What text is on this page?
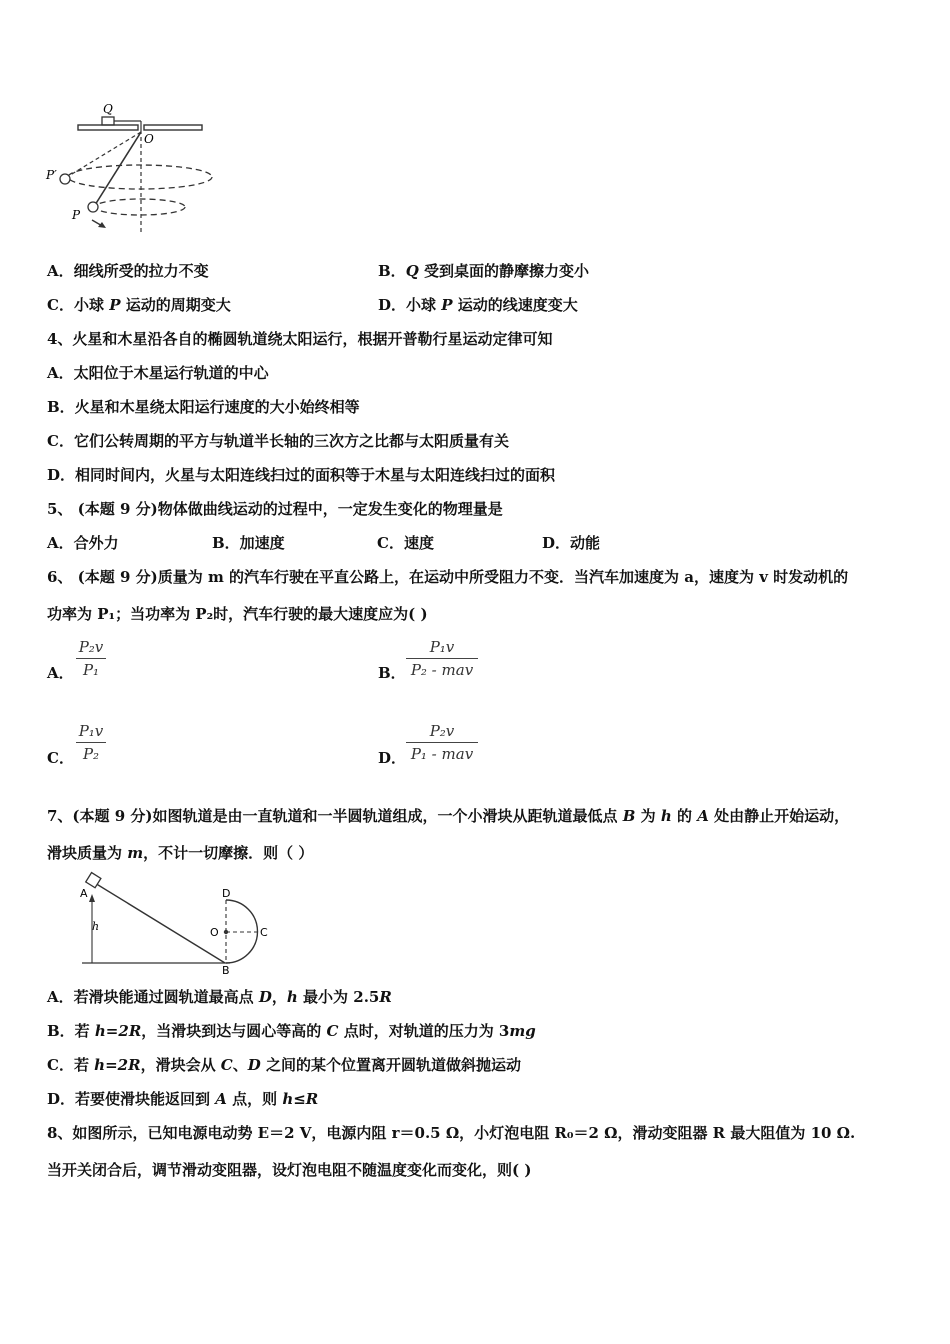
Q
O
P′
P
A．细线所受的拉力不变	B．Q 受到桌面的静摩擦力变小
C．小球 P 运动的周期变大	D．小球 P 运动的线速度变大
4、火星和木星沿各自的椭圆轨道绕太阳运行，根据开普勒行星运动定律可知
A．太阳位于木星运行轨道的中心
B．火星和木星绕太阳运行速度的大小始终相等
C．它们公转周期的平方与轨道半长轴的三次方之比都与太阳质量有关
D．相同时间内，火星与太阳连线扫过的面积等于木星与太阳连线扫过的面积
5、 (本题 9 分)物体做曲线运动的过程中，一定发生变化的物理量是
A．合外力	B．加速度	C．速度	D．动能
6、 (本题 9 分)质量为 m 的汽车行驶在平直公路上，在运动中所受阻力不变．当汽车加速度为 a，速度为 v 时发动机的
功率为 P₁；当功率为 P₂时，汽车行驶的最大速度应为( )
A．
P₂v
P₁	B．
P₁v
P₂ - mav
C．
P₁v
P₂	D．
P₂v
P₁ - mav
7、(本题 9 分)如图轨道是由一直轨道和一半圆轨道组成，一个小滑块从距轨道最低点 B 为 h 的 A 处由静止开始运动，
滑块质量为 m，不计一切摩擦．则（ ）
A
h
D
O	C
B
A．若滑块能通过圆轨道最高点 D，h 最小为 2.5R
B．若 h=2R，当滑块到达与圆心等高的 C 点时，对轨道的压力为 3mg
C．若 h=2R，滑块会从 C、D 之间的某个位置离开圆轨道做斜抛运动
D．若要使滑块能返回到 A 点，则 h≤R
8、如图所示，已知电源电动势 E＝2 V，电源内阻 r＝0.5 Ω，小灯泡电阻 R₀＝2 Ω，滑动变阻器 R 最大阻值为 10 Ω.
当开关闭合后，调节滑动变阻器，设灯泡电阻不随温度变化而变化，则( )
